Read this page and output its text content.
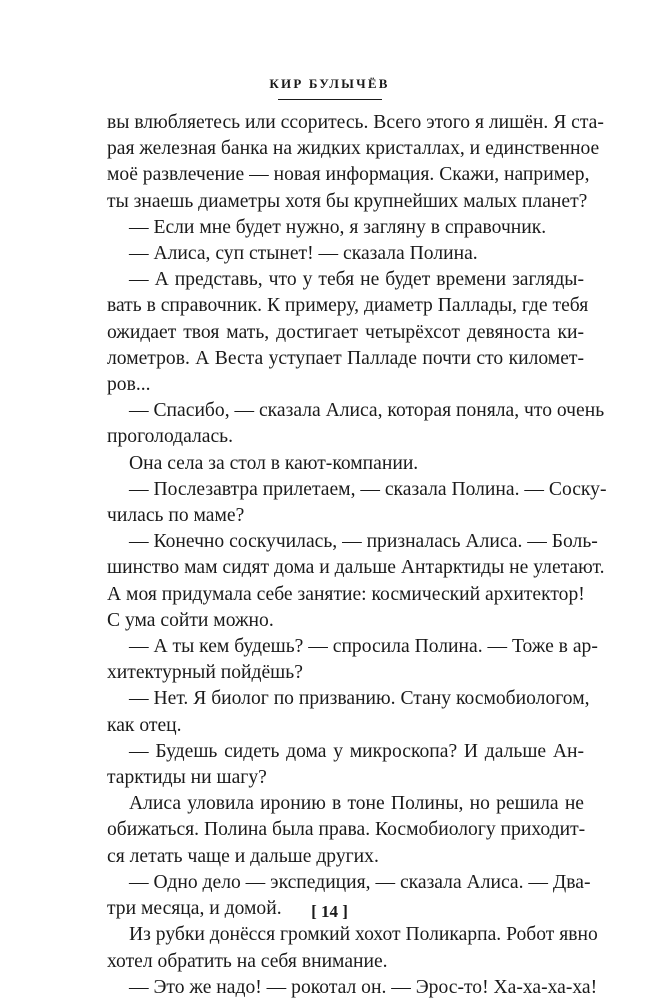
КИР БУЛЫЧЁВ
вы влюбляетесь или ссоритесь. Всего этого я лишён. Я ста-
рая железная банка на жидких кристаллах, и единственное
моё развлечение — новая информация. Скажи, например,
ты знаешь диаметры хотя бы крупнейших малых планет?
— Если мне будет нужно, я загляну в справочник.
— Алиса, суп стынет! — сказала Полина.
— А представь, что у тебя не будет времени загляды-
вать в справочник. К примеру, диаметр Паллады, где тебя
ожидает твоя мать, достигает четырёхсот девяноста ки-
лометров. А Веста уступает Палладе почти сто километ-
ров...
— Спасибо, — сказала Алиса, которая поняла, что очень
проголодалась.
Она села за стол в кают-компании.
— Послезавтра прилетаем, — сказала Полина. — Соску-
чилась по маме?
— Конечно соскучилась, — призналась Алиса. — Боль-
шинство мам сидят дома и дальше Антарктиды не улетают.
А моя придумала себе занятие: космический архитектор!
С ума сойти можно.
— А ты кем будешь? — спросила Полина. — Тоже в ар-
хитектурный пойдёшь?
— Нет. Я биолог по призванию. Стану космобиологом,
как отец.
— Будешь сидеть дома у микроскопа? И дальше Ан-
тарктиды ни шагу?
Алиса уловила иронию в тоне Полины, но решила не
обижаться. Полина была права. Космобиологу приходит-
ся летать чаще и дальше других.
— Одно дело — экспедиция, — сказала Алиса. — Два-
три месяца, и домой.
Из рубки донёсся громкий хохот Поликарпа. Робот явно
хотел обратить на себя внимание.
— Это же надо! — рокотал он. — Эрос-то! Ха-ха-ха-ха!
[ 14 ]
